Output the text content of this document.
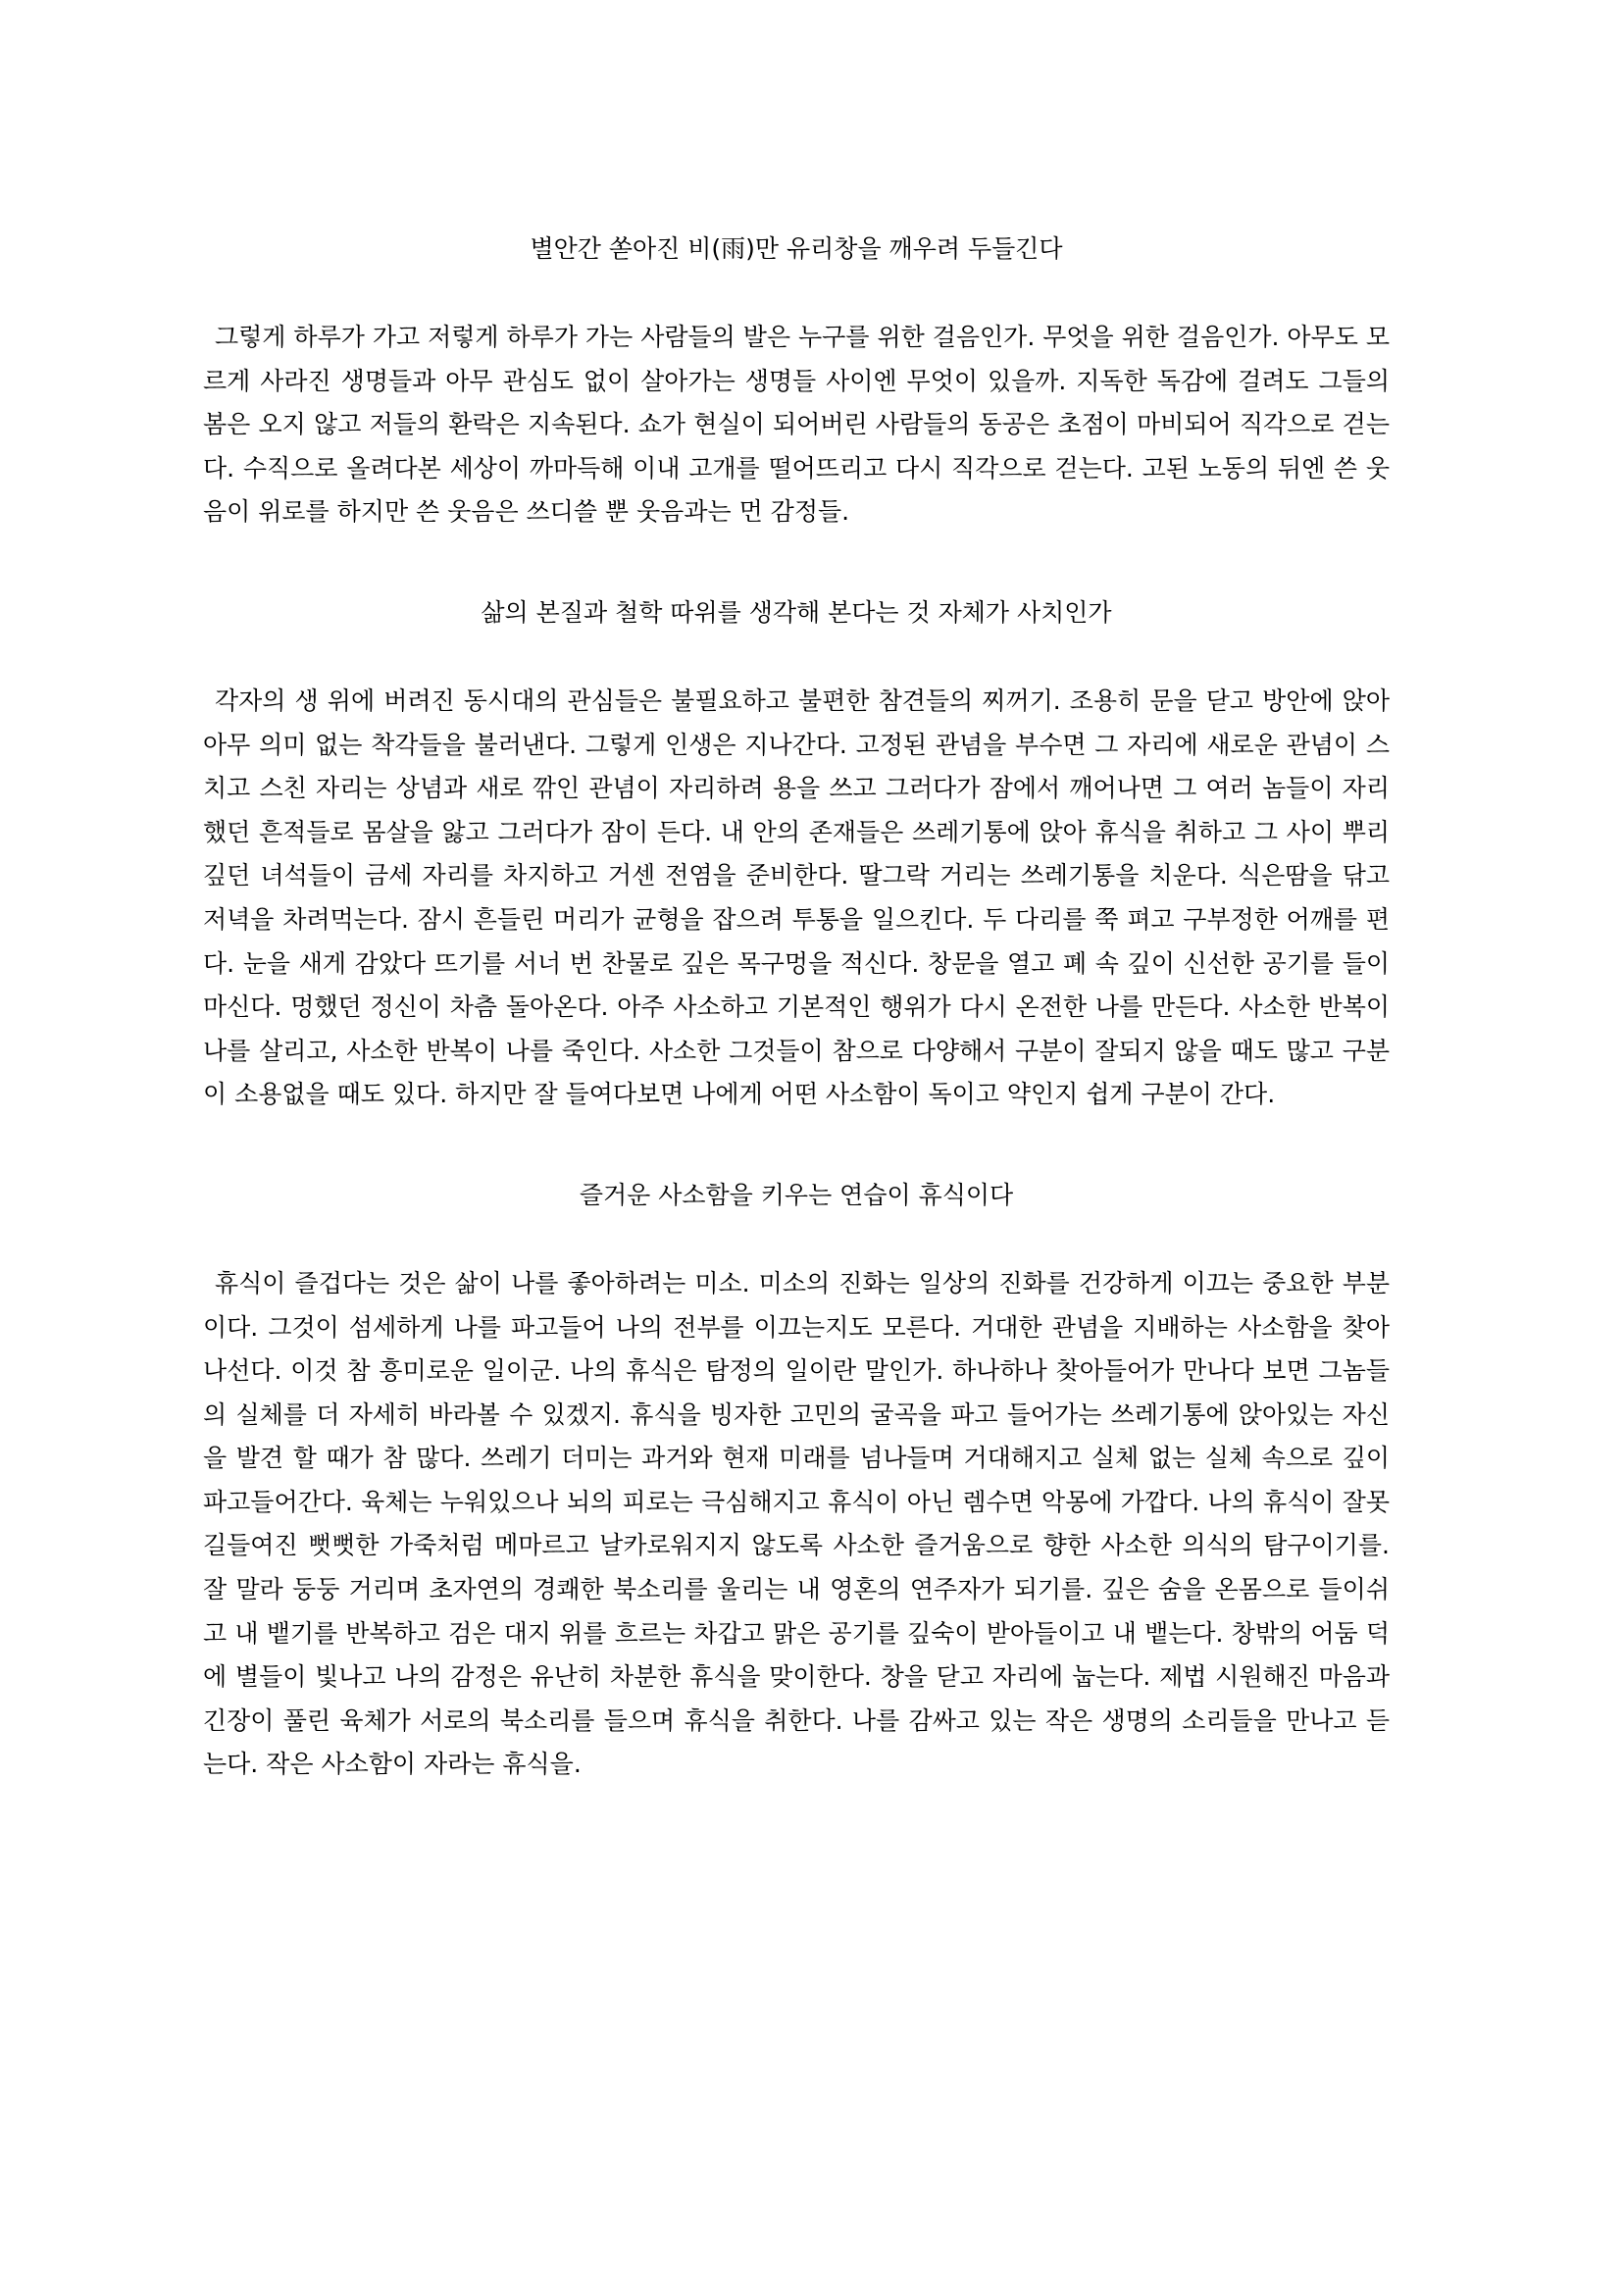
별안간 쏟아진 비(雨)만 유리창을 깨우려 두들긴다

그렇게 하루가 가고 저렇게 하루가 가는 사람들의 발은 누구를 위한 걸음인가. 무엇을 위한 걸음인가. 아무도 모르게 사라진 생명들과 아무 관심도 없이 살아가는 생명들 사이엔 무엇이 있을까. 지독한 독감에 걸려도 그들의 봄은 오지 않고 저들의 환락은 지속된다. 쇼가 현실이 되어버린 사람들의 동공은 초점이 마비되어 직각으로 걷는다. 수직으로 올려다본 세상이 까마득해 이내 고개를 떨어뜨리고 다시 직각으로 걷는다. 고된 노동의 뒤엔 쓴 웃음이 위로를 하지만 쓴 웃음은 쓰디쓸 뿐 웃음과는 먼 감정들.

삶의 본질과 철학 따위를 생각해 본다는 것 자체가 사치인가

각자의 생 위에 버려진 동시대의 관심들은 불필요하고 불편한 참견들의 찌꺼기. 조용히 문을 닫고 방안에 앉아 아무 의미 없는 착각들을 불러낸다. 그렇게 인생은 지나간다. 고정된 관념을 부수면 그 자리에 새로운 관념이 스치고 스친 자리는 상념과 새로 깎인 관념이 자리하려 용을 쓰고 그러다가 잠에서 깨어나면 그 여러 놈들이 자리했던 흔적들로 몸살을 앓고 그러다가 잠이 든다. 내 안의 존재들은 쓰레기통에 앉아 휴식을 취하고 그 사이 뿌리 깊던 녀석들이 금세 자리를 차지하고 거센 전염을 준비한다. 딸그락 거리는 쓰레기통을 치운다. 식은땀을 닦고 저녁을 차려먹는다. 잠시 흔들린 머리가 균형을 잡으려 투통을 일으킨다. 두 다리를 쭉 펴고 구부정한 어깨를 편다. 눈을 새게 감았다 뜨기를 서너 번 찬물로 깊은 목구멍을 적신다. 창문을 열고 폐 속 깊이 신선한 공기를 들이 마신다. 멍했던 정신이 차츰 돌아온다. 아주 사소하고 기본적인 행위가 다시 온전한 나를 만든다. 사소한 반복이 나를 살리고, 사소한 반복이 나를 죽인다. 사소한 그것들이 참으로 다양해서 구분이 잘되지 않을 때도 많고 구분이 소용없을 때도 있다. 하지만 잘 들여다보면 나에게 어떤 사소함이 독이고 약인지 쉽게 구분이 간다.

즐거운 사소함을 키우는 연습이 휴식이다

휴식이 즐겁다는 것은 삶이 나를 좋아하려는 미소. 미소의 진화는 일상의 진화를 건강하게 이끄는 중요한 부분이다. 그것이 섬세하게 나를 파고들어 나의 전부를 이끄는지도 모른다. 거대한 관념을 지배하는 사소함을 찾아 나선다. 이것 참 흥미로운 일이군. 나의 휴식은 탐정의 일이란 말인가. 하나하나 찾아들어가 만나다 보면 그놈들의 실체를 더 자세히 바라볼 수 있겠지. 휴식을 빙자한 고민의 굴곡을 파고 들어가는 쓰레기통에 앉아있는 자신을 발견 할 때가 참 많다. 쓰레기 더미는 과거와 현재 미래를 넘나들며 거대해지고 실체 없는 실체 속으로 깊이 파고들어간다. 육체는 누워있으나 뇌의 피로는 극심해지고 휴식이 아닌 렘수면 악몽에 가깝다. 나의 휴식이 잘못 길들여진 뻣뻣한 가죽처럼 메마르고 날카로워지지 않도록 사소한 즐거움으로 향한 사소한 의식의 탐구이기를. 잘 말라 둥둥 거리며 초자연의 경쾌한 북소리를 울리는 내 영혼의 연주자가 되기를. 깊은 숨을 온몸으로 들이쉬고 내 뱉기를 반복하고 검은 대지 위를 흐르는 차갑고 맑은 공기를 깊숙이 받아들이고 내 뱉는다. 창밖의 어둠 덕에 별들이 빛나고 나의 감정은 유난히 차분한 휴식을 맞이한다. 창을 닫고 자리에 눕는다. 제법 시원해진 마음과 긴장이 풀린 육체가 서로의 북소리를 들으며 휴식을 취한다. 나를 감싸고 있는 작은 생명의 소리들을 만나고 듣는다. 작은 사소함이 자라는 휴식을.
